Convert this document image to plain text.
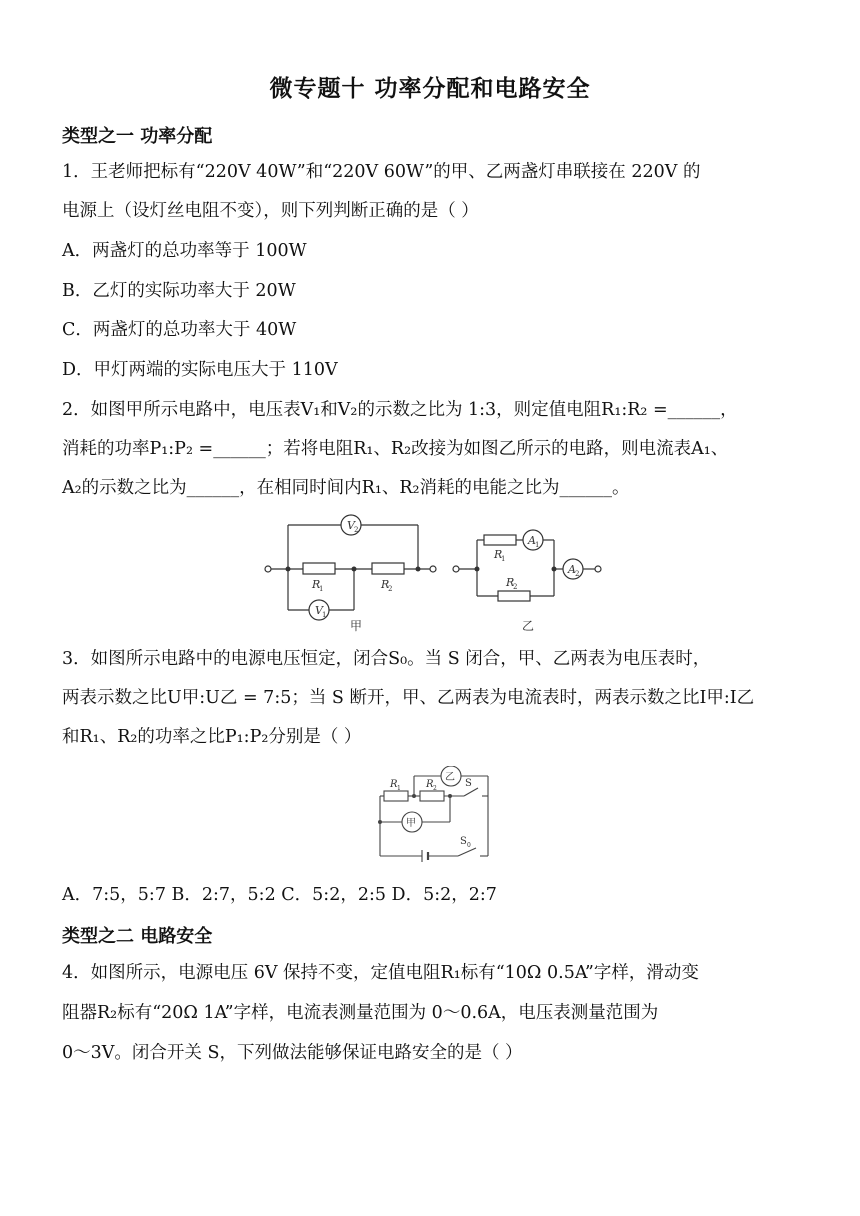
微专题十 功率分配和电路安全
类型之一 功率分配
1．王老师把标有“220V 40W”和“220V 60W”的甲、乙两盏灯串联接在 220V 的
电源上（设灯丝电阻不变），则下列判断正确的是（ ）
A．两盏灯的总功率等于 100W
B．乙灯的实际功率大于 20W
C．两盏灯的总功率大于 40W
D．甲灯两端的实际电压大于 110V
2．如图甲所示电路中，电压表V₁和V₂的示数之比为 1:3，则定值电阻R₁:R₂ =______，
消耗的功率P₁:P₂ =______；若将电阻R₁、R₂改接为如图乙所示的电路，则电流表A₁、
A₂的示数之比为______，在相同时间内R₁、R₂消耗的电能之比为______。
V 2
V 1
R
1	R
2
甲
A 1
A 2
R
1
R
2
乙
3．如图所示电路中的电源电压恒定，闭合S₀。当 S 闭合，甲、乙两表为电压表时，
两表示数之比U甲:U乙 = 7:5；当 S 断开，甲、乙两表为电流表时，两表示数之比I甲:I乙
和R₁、R₂的功率之比P₁:P₂分别是（ ）
R 1	R 2
乙
甲
S
S 0
A．7:5，5:7 B．2:7，5:2 C．5:2，2:5 D．5:2，2:7
类型之二 电路安全
4．如图所示，电源电压 6V 保持不变，定值电阻R₁标有“10Ω 0.5A”字样，滑动变
阻器R₂标有“20Ω 1A”字样，电流表测量范围为 0～0.6A，电压表测量范围为
0～3V。闭合开关 S，下列做法能够保证电路安全的是（ ）
